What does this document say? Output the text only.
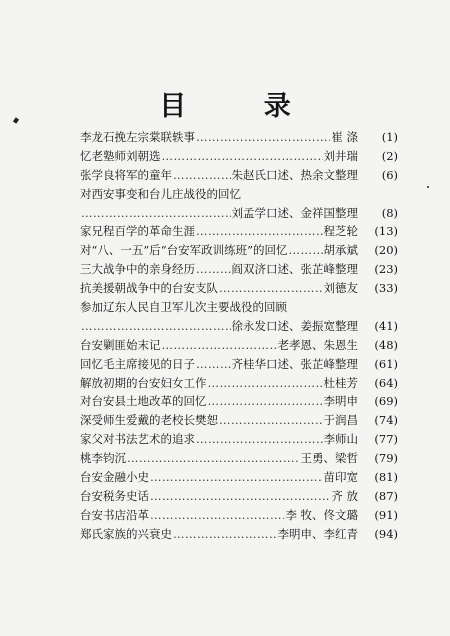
目 录
李龙石挽左宗棠联轶事 ……………………………………………………………………………………………………………………	崔 涤	(1)
忆老塾师刘朝选 ……………………………………………………………………………………………………………………	刘井瑞	(2)
张学良将军的童年 ……………………………………………………………………………………………………………………	朱赵氏口述、热余文整理	(6)
对西安事变和台儿庄战役的回忆
……………………………………………………………………………………………………………………
刘孟学口述、金祥国整理	(8)
家兄程百学的革命生涯 ……………………………………………………………………………………………………………………	程芝轮	(13)
对“八、一五”后“台安军政训练班”的回忆 ……………………………………………………………………………………………………………………	胡承斌	(20)
三大战争中的亲身经历 ……………………………………………………………………………………………………………………	阎双济口述、张芷峰整理	(23)
抗美援朝战争中的台安支队 ……………………………………………………………………………………………………………………	刘德友	(33)
参加辽东人民自卫军儿次主要战役的回顾
……………………………………………………………………………………………………………………
徐永发口述、姜振宽整理	(41)
台安剿匪始末记 ……………………………………………………………………………………………………………………	老孝恩、朱恩生	(48)
回忆毛主席接见的日子 ……………………………………………………………………………………………………………………	齐桂华口述、张芷峰整理	(61)
解放初期的台安妇女工作 ……………………………………………………………………………………………………………………	杜桂芳	(64)
对台安县土地改革的回忆 ……………………………………………………………………………………………………………………	李明申	(69)
深受师生爱戴的老校长樊恕 ……………………………………………………………………………………………………………………	于润昌	(74)
家父对书法艺术的追求 ……………………………………………………………………………………………………………………	李师山	(77)
桃李钧沉 ……………………………………………………………………………………………………………………	王勇、梁哲	(79)
台安金融小史 ……………………………………………………………………………………………………………………	苗印宽	(81)
台安税务史话 ……………………………………………………………………………………………………………………	齐 放	(87)
台安书店沿革 ……………………………………………………………………………………………………………………	李 牧、佟文璐	(91)
郑氏家族的兴衰史 ……………………………………………………………………………………………………………………	李明申、李红青	(94)
